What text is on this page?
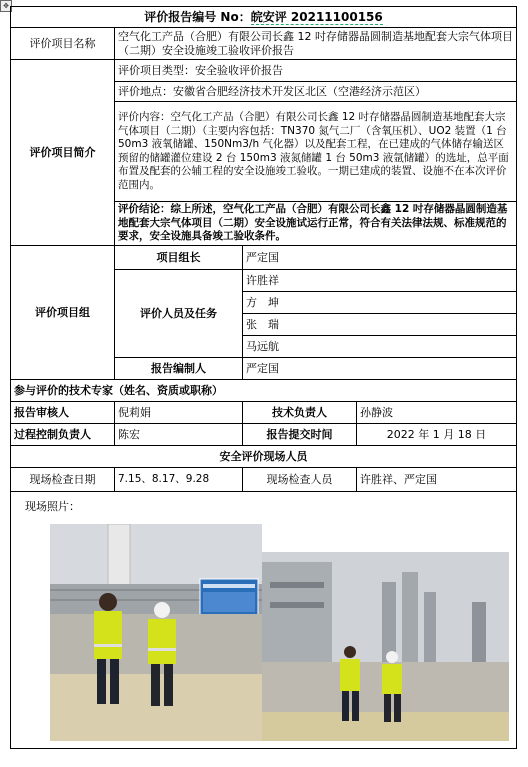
✥
评价报告编号 No：皖安评 20211100156			
评价项目名称	空气化工产品（合肥）有限公司长鑫 12 吋存储器晶圆制造基地配套大宗气体项目（二期）安全设施竣工验收评价报告		
评价项目简介	评价项目类型：安全验收评价报告		
	评价地点：安徽省合肥经济技术开发区北区（空港经济示范区）		
	评价内容：空气化工产品（合肥）有限公司长鑫 12 吋存储器晶圆制造基地配套大宗气体项目（二期）（主要内容包括：TN370 氮气二厂（含氧压机）、UO2 装置（1 台 50m3 液氧储罐、150Nm3/h 气化器）以及配套工程，在已建成的气体储存输送区预留的储罐灌位建设 2 台 150m3 液氮储罐 1 台 50m3 液氩储罐）的选址，总平面布置及配套的公辅工程的安全设施竣工验收。一期已建成的装置、设施不在本次评价范围内。		
	评价结论：综上所述，空气化工产品（合肥）有限公司长鑫 12 吋存储器晶圆制造基地配套大宗气体项目（二期）安全设施试运行正常，符合有关法律法规、标准规范的要求，安全设施具备竣工验收条件。		
评价项目组	项目组长	严定国	
	评价人员及任务	许胜祥	
		方　坤	
		张　瑞	
		马远航	
	报告编制人	严定国	
参与评价的技术专家（姓名、资质或职称）			
报告审核人	倪莉娟	技术负责人	孙静波
过程控制负责人	陈宏	报告提交时间	2022 年 1 月 18 日
安全评价现场人员			
现场检查日期	7.15、8.17、9.28	现场检查人员	许胜祥、严定国

现场照片：			
